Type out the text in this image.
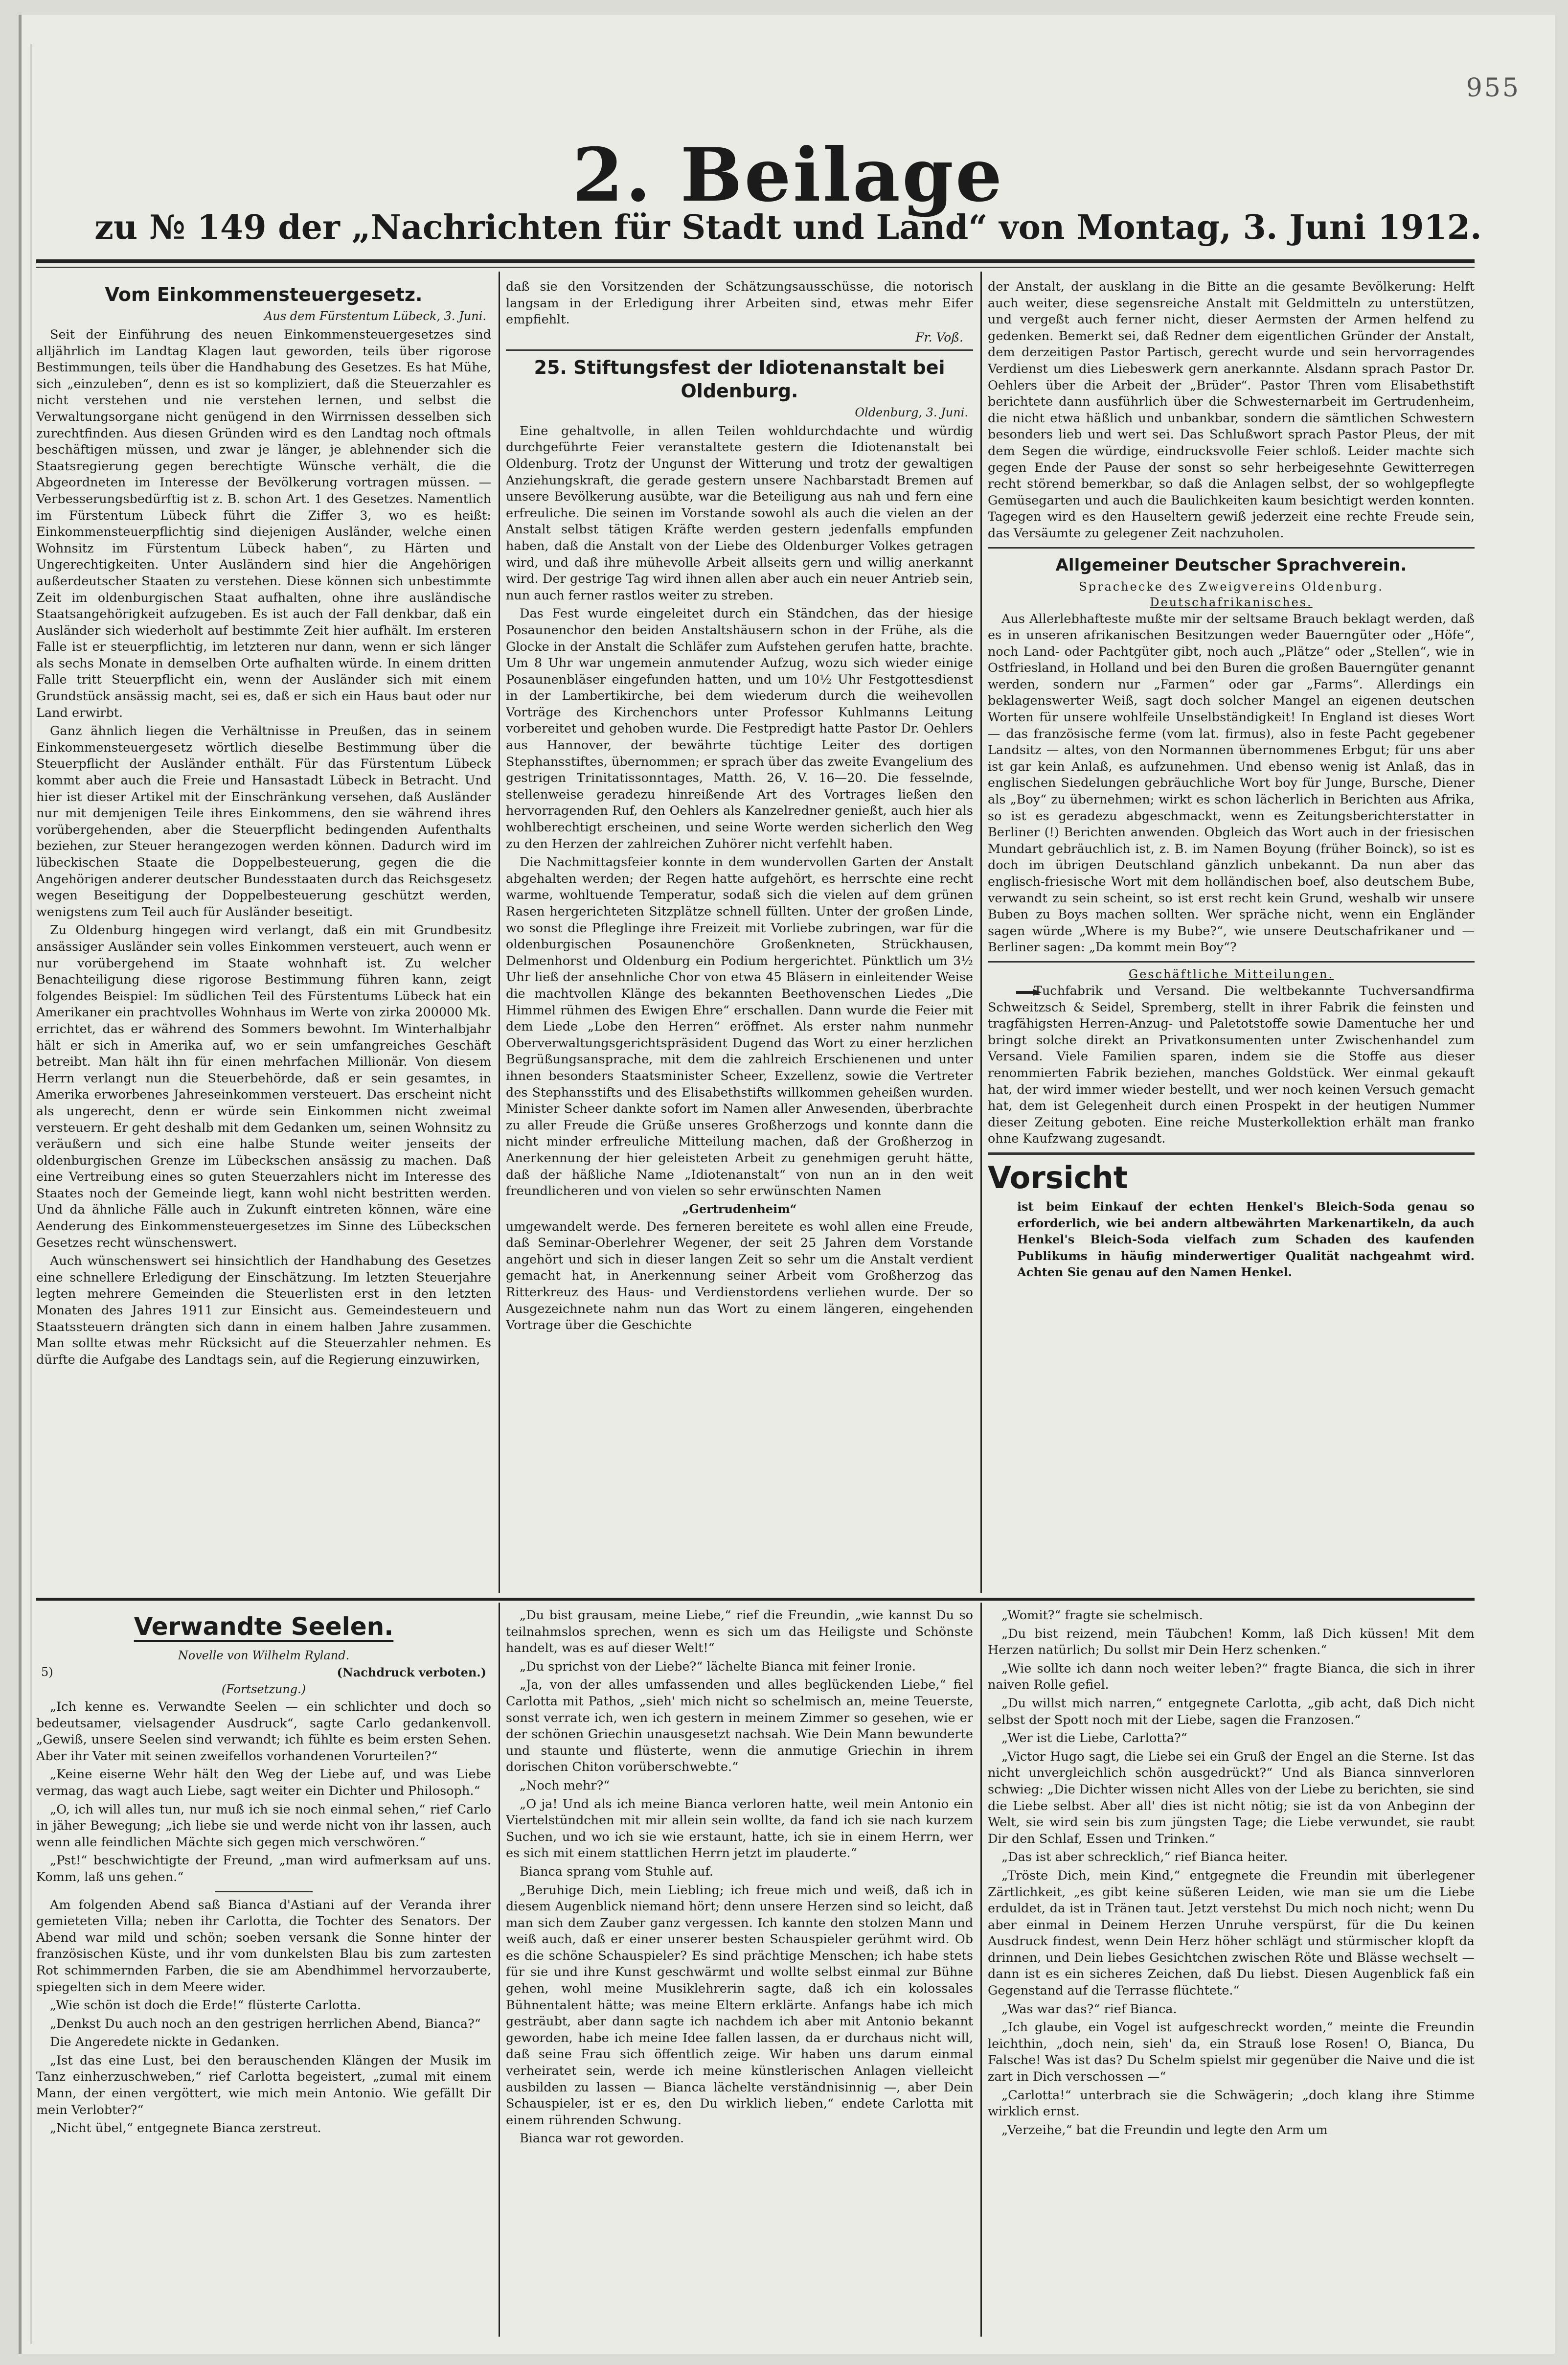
955
2. Beilage
zu № 149 der „Nachrichten für Stadt und Land“ von Montag, 3. Juni 1912.
Vom Einkommensteuergesetz.
Aus dem Fürstentum Lübeck, 3. Juni.

Seit der Einführung des neuen Einkommensteuergesetzes sind alljährlich im Landtag Klagen laut geworden, teils über rigorose Bestimmungen, teils über die Handhabung des Gesetzes. Es hat Mühe, sich „einzuleben“, denn es ist so kompliziert, daß die Steuerzahler es nicht verstehen und nie verstehen lernen, und selbst die Verwaltungsorgane nicht genügend in den Wirrnissen desselben sich zurechtfinden. Aus diesen Gründen wird es den Landtag noch oftmals beschäftigen müssen, und zwar je länger, je ablehnender sich die Staatsregierung gegen berechtigte Wünsche verhält, die die Abgeordneten im Interesse der Bevölkerung vortragen müssen. — Verbesserungsbedürftig ist z. B. schon Art. 1 des Gesetzes. Namentlich im Fürstentum Lübeck führt die Ziffer 3, wo es heißt: Einkommensteuerpflichtig sind diejenigen Ausländer, welche einen Wohnsitz im Fürstentum Lübeck haben“, zu Härten und Ungerechtigkeiten. Unter Ausländern sind hier die Angehörigen außerdeutscher Staaten zu verstehen. Diese können sich unbestimmte Zeit im oldenburgischen Staat aufhalten, ohne ihre ausländische Staatsangehörigkeit aufzugeben. Es ist auch der Fall denkbar, daß ein Ausländer sich wiederholt auf bestimmte Zeit hier aufhält. Im ersteren Falle ist er steuerpflichtig, im letzteren nur dann, wenn er sich länger als sechs Monate in demselben Orte aufhalten würde. In einem dritten Falle tritt Steuerpflicht ein, wenn der Ausländer sich mit einem Grundstück ansässig macht, sei es, daß er sich ein Haus baut oder nur Land erwirbt.

Ganz ähnlich liegen die Verhältnisse in Preußen, das in seinem Einkommensteuergesetz wörtlich dieselbe Bestimmung über die Steuerpflicht der Ausländer enthält. Für das Fürstentum Lübeck kommt aber auch die Freie und Hansastadt Lübeck in Betracht. Und hier ist dieser Artikel mit der Einschränkung versehen, daß Ausländer nur mit demjenigen Teile ihres Einkommens, den sie während ihres vorübergehenden, aber die Steuerpflicht bedingenden Aufenthalts beziehen, zur Steuer herangezogen werden können. Dadurch wird im lübeckischen Staate die Doppelbesteuerung, gegen die die Angehörigen anderer deutscher Bundesstaaten durch das Reichsgesetz wegen Beseitigung der Doppelbesteuerung geschützt werden, wenigstens zum Teil auch für Ausländer beseitigt.

Zu Oldenburg hingegen wird verlangt, daß ein mit Grundbesitz ansässiger Ausländer sein volles Einkommen versteuert, auch wenn er nur vorübergehend im Staate wohnhaft ist. Zu welcher Benachteiligung diese rigorose Bestimmung führen kann, zeigt folgendes Beispiel: Im südlichen Teil des Fürstentums Lübeck hat ein Amerikaner ein prachtvolles Wohnhaus im Werte von zirka 200000 Mk. errichtet, das er während des Sommers bewohnt. Im Winterhalbjahr hält er sich in Amerika auf, wo er sein umfangreiches Geschäft betreibt. Man hält ihn für einen mehrfachen Millionär. Von diesem Herrn verlangt nun die Steuerbehörde, daß er sein gesamtes, in Amerika erworbenes Jahreseinkommen versteuert. Das erscheint nicht als ungerecht, denn er würde sein Einkommen nicht zweimal versteuern. Er geht deshalb mit dem Gedanken um, seinen Wohnsitz zu veräußern und sich eine halbe Stunde weiter jenseits der oldenburgischen Grenze im Lübeckschen ansässig zu machen. Daß eine Vertreibung eines so guten Steuerzahlers nicht im Interesse des Staates noch der Gemeinde liegt, kann wohl nicht bestritten werden. Und da ähnliche Fälle auch in Zukunft eintreten können, wäre eine Aenderung des Einkommensteuergesetzes im Sinne des Lübeckschen Gesetzes recht wünschenswert.

Auch wünschenswert sei hinsichtlich der Handhabung des Gesetzes eine schnellere Erledigung der Einschätzung. Im letzten Steuerjahre legten mehrere Gemeinden die Steuerlisten erst in den letzten Monaten des Jahres 1911 zur Einsicht aus. Gemeindesteuern und Staatssteuern drängten sich dann in einem halben Jahre zusammen. Man sollte etwas mehr Rücksicht auf die Steuerzahler nehmen. Es dürfte die Aufgabe des Landtags sein, auf die Regierung einzuwirken,

daß sie den Vorsitzenden der Schätzungsausschüsse, die notorisch langsam in der Erledigung ihrer Arbeiten sind, etwas mehr Eifer empfiehlt.

Fr. Voß.
25. Stiftungsfest der Idiotenanstalt bei Oldenburg.
Oldenburg, 3. Juni.

Eine gehaltvolle, in allen Teilen wohldurchdachte und würdig durchgeführte Feier veranstaltete gestern die Idiotenanstalt bei Oldenburg. Trotz der Ungunst der Witterung und trotz der gewaltigen Anziehungskraft, die gerade gestern unsere Nachbarstadt Bremen auf unsere Bevölkerung ausübte, war die Beteiligung aus nah und fern eine erfreuliche. Die seinen im Vorstande sowohl als auch die vielen an der Anstalt selbst tätigen Kräfte werden gestern jedenfalls empfunden haben, daß die Anstalt von der Liebe des Oldenburger Volkes getragen wird, und daß ihre mühevolle Arbeit allseits gern und willig anerkannt wird. Der gestrige Tag wird ihnen allen aber auch ein neuer Antrieb sein, nun auch ferner rastlos weiter zu streben.

Das Fest wurde eingeleitet durch ein Ständchen, das der hiesige Posaunenchor den beiden Anstaltshäusern schon in der Frühe, als die Glocke in der Anstalt die Schläfer zum Aufstehen gerufen hatte, brachte. Um 8 Uhr war ungemein anmutender Aufzug, wozu sich wieder einige Posaunenbläser eingefunden hatten, und um 10½ Uhr Festgottesdienst in der Lambertikirche, bei dem wiederum durch die weihevollen Vorträge des Kirchenchors unter Professor Kuhlmanns Leitung vorbereitet und gehoben wurde. Die Festpredigt hatte Pastor Dr. Oehlers aus Hannover, der bewährte tüchtige Leiter des dortigen Stephansstiftes, übernommen; er sprach über das zweite Evangelium des gestrigen Trinitatissonntages, Matth. 26, V. 16—20. Die fesselnde, stellenweise geradezu hinreißende Art des Vortrages ließen den hervorragenden Ruf, den Oehlers als Kanzelredner genießt, auch hier als wohlberechtigt erscheinen, und seine Worte werden sicherlich den Weg zu den Herzen der zahlreichen Zuhörer nicht verfehlt haben.

Die Nachmittagsfeier konnte in dem wundervollen Garten der Anstalt abgehalten werden; der Regen hatte aufgehört, es herrschte eine recht warme, wohltuende Temperatur, sodaß sich die vielen auf dem grünen Rasen hergerichteten Sitzplätze schnell füllten. Unter der großen Linde, wo sonst die Pfleglinge ihre Freizeit mit Vorliebe zubringen, war für die oldenburgischen Posaunenchöre Großenkneten, Strückhausen, Delmenhorst und Oldenburg ein Podium hergerichtet. Pünktlich um 3½ Uhr ließ der ansehnliche Chor von etwa 45 Bläsern in einleitender Weise die machtvollen Klänge des bekannten Beethovenschen Liedes „Die Himmel rühmen des Ewigen Ehre“ erschallen. Dann wurde die Feier mit dem Liede „Lobe den Herren“ eröffnet. Als erster nahm nunmehr Oberverwaltungsgerichtspräsident Dugend das Wort zu einer herzlichen Begrüßungsansprache, mit dem die zahlreich Erschienenen und unter ihnen besonders Staatsminister Scheer, Exzellenz, sowie die Vertreter des Stephansstifts und des Elisabethstifts willkommen geheißen wurden. Minister Scheer dankte sofort im Namen aller Anwesenden, überbrachte zu aller Freude die Grüße unseres Großherzogs und konnte dann die nicht minder erfreuliche Mitteilung machen, daß der Großherzog in Anerkennung der hier geleisteten Arbeit zu genehmigen geruht hätte, daß der häßliche Name „Idiotenanstalt“ von nun an in den weit freundlicheren und von vielen so sehr erwünschten Namen

„Gertrudenheim“

umgewandelt werde. Des ferneren bereitete es wohl allen eine Freude, daß Seminar-Oberlehrer Wegener, der seit 25 Jahren dem Vorstande angehört und sich in dieser langen Zeit so sehr um die Anstalt verdient gemacht hat, in Anerkennung seiner Arbeit vom Großherzog das Ritterkreuz des Haus- und Verdienstordens verliehen wurde. Der so Ausgezeichnete nahm nun das Wort zu einem längeren, eingehenden Vortrage über die Geschichte

der Anstalt, der ausklang in die Bitte an die gesamte Bevölkerung: Helft auch weiter, diese segensreiche Anstalt mit Geldmitteln zu unterstützen, und vergeßt auch ferner nicht, dieser Aermsten der Armen helfend zu gedenken. Bemerkt sei, daß Redner dem eigentlichen Gründer der Anstalt, dem derzeitigen Pastor Partisch, gerecht wurde und sein hervorragendes Verdienst um dies Liebeswerk gern anerkannte. Alsdann sprach Pastor Dr. Oehlers über die Arbeit der „Brüder“. Pastor Thren vom Elisabethstift berichtete dann ausführlich über die Schwesternarbeit im Gertrudenheim, die nicht etwa häßlich und unbankbar, sondern die sämtlichen Schwestern besonders lieb und wert sei. Das Schlußwort sprach Pastor Pleus, der mit dem Segen die würdige, eindrucksvolle Feier schloß. Leider machte sich gegen Ende der Pause der sonst so sehr herbeigesehnte Gewitterregen recht störend bemerkbar, so daß die Anlagen selbst, der so wohlgepflegte Gemüsegarten und auch die Baulichkeiten kaum besichtigt werden konnten. Tagegen wird es den Hauseltern gewiß jederzeit eine rechte Freude sein, das Versäumte zu gelegener Zeit nachzuholen.

Allgemeiner Deutscher Sprachverein.
Sprachecke des Zweigvereins Oldenburg.
Deutschafrikanisches.

Aus Allerlebhafteste mußte mir der seltsame Brauch beklagt werden, daß es in unseren afrikanischen Besitzungen weder Bauerngüter oder „Höfe“, noch Land- oder Pachtgüter gibt, noch auch „Plätze“ oder „Stellen“, wie in Ostfriesland, in Holland und bei den Buren die großen Bauerngüter genannt werden, sondern nur „Farmen“ oder gar „Farms“. Allerdings ein beklagenswerter Weiß, sagt doch solcher Mangel an eigenen deutschen Worten für unsere wohlfeile Unselbständigkeit! In England ist dieses Wort — das französische ferme (vom lat. firmus), also in feste Pacht gegebener Landsitz — altes, von den Normannen übernommenes Erbgut; für uns aber ist gar kein Anlaß, es aufzunehmen. Und ebenso wenig ist Anlaß, das in englischen Siedelungen gebräuchliche Wort boy für Junge, Bursche, Diener als „Boy“ zu übernehmen; wirkt es schon lächerlich in Berichten aus Afrika, so ist es geradezu abgeschmackt, wenn es Zeitungsberichterstatter in Berliner (!) Berichten anwenden. Obgleich das Wort auch in der friesischen Mundart gebräuchlich ist, z. B. im Namen Boyung (früher Boinck), so ist es doch im übrigen Deutschland gänzlich unbekannt. Da nun aber das englisch-friesische Wort mit dem holländischen boef, also deutschem Bube, verwandt zu sein scheint, so ist erst recht kein Grund, weshalb wir unsere Buben zu Boys machen sollten. Wer spräche nicht, wenn ein Engländer sagen würde „Where is my Bube?“, wie unsere Deutschafrikaner und — Berliner sagen: „Da kommt mein Boy“?

Geschäftliche Mitteilungen.

Tuchfabrik und Versand. Die weltbekannte Tuchversandfirma Schweitzsch & Seidel, Spremberg, stellt in ihrer Fabrik die feinsten und tragfähigsten Herren-Anzug- und Paletotstoffe sowie Damentuche her und bringt solche direkt an Privatkonsumenten unter Zwischenhandel zum Versand. Viele Familien sparen, indem sie die Stoffe aus dieser renommierten Fabrik beziehen, manches Goldstück. Wer einmal gekauft hat, der wird immer wieder bestellt, und wer noch keinen Versuch gemacht hat, dem ist Gelegenheit durch einen Prospekt in der heutigen Nummer dieser Zeitung geboten. Eine reiche Musterkollektion erhält man franko ohne Kaufzwang zugesandt.

Vorsicht

ist beim Einkauf der echten Henkel's Bleich-Soda genau so erforderlich, wie bei andern altbewährten Markenartikeln, da auch Henkel's Bleich-Soda vielfach zum Schaden des kaufenden Publikums in häufig minderwertiger Qualität nachgeahmt wird. Achten Sie genau auf den Namen Henkel.

Verwandte Seelen.
Novelle von Wilhelm Ryland.
5)	(Nachdruck verboten.)
(Fortsetzung.)

„Ich kenne es. Verwandte Seelen — ein schlichter und doch so bedeutsamer, vielsagender Ausdruck“, sagte Carlo gedankenvoll. „Gewiß, unsere Seelen sind verwandt; ich fühlte es beim ersten Sehen. Aber ihr Vater mit seinen zweifellos vorhandenen Vorurteilen?“

„Keine eiserne Wehr hält den Weg der Liebe auf, und was Liebe vermag, das wagt auch Liebe, sagt weiter ein Dichter und Philosoph.“

„O, ich will alles tun, nur muß ich sie noch einmal sehen,“ rief Carlo in jäher Bewegung; „ich liebe sie und werde nicht von ihr lassen, auch wenn alle feindlichen Mächte sich gegen mich verschwören.“

„Pst!“ beschwichtigte der Freund, „man wird aufmerksam auf uns. Komm, laß uns gehen.“

Am folgenden Abend saß Bianca d'Astiani auf der Veranda ihrer gemieteten Villa; neben ihr Carlotta, die Tochter des Senators. Der Abend war mild und schön; soeben versank die Sonne hinter der französischen Küste, und ihr vom dunkelsten Blau bis zum zartesten Rot schimmernden Farben, die sie am Abendhimmel hervorzauberte, spiegelten sich in dem Meere wider.

„Wie schön ist doch die Erde!“ flüsterte Carlotta.

„Denkst Du auch noch an den gestrigen herrlichen Abend, Bianca?“

Die Angeredete nickte in Gedanken.

„Ist das eine Lust, bei den berauschenden Klängen der Musik im Tanz einherzuschweben,“ rief Carlotta begeistert, „zumal mit einem Mann, der einen vergöttert, wie mich mein Antonio. Wie gefällt Dir mein Verlobter?“

„Nicht übel,“ entgegnete Bianca zerstreut.

„Du bist grausam, meine Liebe,“ rief die Freundin, „wie kannst Du so teilnahmslos sprechen, wenn es sich um das Heiligste und Schönste handelt, was es auf dieser Welt!“

„Du sprichst von der Liebe?“ lächelte Bianca mit feiner Ironie.

„Ja, von der alles umfassenden und alles beglückenden Liebe,“ fiel Carlotta mit Pathos, „sieh' mich nicht so schelmisch an, meine Teuerste, sonst verrate ich, wen ich gestern in meinem Zimmer so gesehen, wie er der schönen Griechin unausgesetzt nachsah. Wie Dein Mann bewunderte und staunte und flüsterte, wenn die anmutige Griechin in ihrem dorischen Chiton vorüberschwebte.“

„Noch mehr?“

„O ja! Und als ich meine Bianca verloren hatte, weil mein Antonio ein Viertelstündchen mit mir allein sein wollte, da fand ich sie nach kurzem Suchen, und wo ich sie wie erstaunt, hatte, ich sie in einem Herrn, wer es sich mit einem stattlichen Herrn jetzt im plauderte.“

Bianca sprang vom Stuhle auf.

„Beruhige Dich, mein Liebling; ich freue mich und weiß, daß ich in diesem Augenblick niemand hört; denn unsere Herzen sind so leicht, daß man sich dem Zauber ganz vergessen. Ich kannte den stolzen Mann und weiß auch, daß er einer unserer besten Schauspieler gerühmt wird. Ob es die schöne Schauspieler? Es sind prächtige Menschen; ich habe stets für sie und ihre Kunst geschwärmt und wollte selbst einmal zur Bühne gehen, wohl meine Musiklehrerin sagte, daß ich ein kolossales Bühnentalent hätte; was meine Eltern erklärte. Anfangs habe ich mich gesträubt, aber dann sagte ich nachdem ich aber mit Antonio bekannt geworden, habe ich meine Idee fallen lassen, da er durchaus nicht will, daß seine Frau sich öffentlich zeige. Wir haben uns darum einmal verheiratet sein, werde ich meine künstlerischen Anlagen vielleicht ausbilden zu lassen — Bianca lächelte verständnisinnig —, aber Dein Schauspieler, ist er es, den Du wirklich lieben,“ endete Carlotta mit einem rührenden Schwung.

Bianca war rot geworden.

„Womit?“ fragte sie schelmisch.

„Du bist reizend, mein Täubchen! Komm, laß Dich küssen! Mit dem Herzen natürlich; Du sollst mir Dein Herz schenken.“

„Wie sollte ich dann noch weiter leben?“ fragte Bianca, die sich in ihrer naiven Rolle gefiel.

„Du willst mich narren,“ entgegnete Carlotta, „gib acht, daß Dich nicht selbst der Spott noch mit der Liebe, sagen die Franzosen.“

„Wer ist die Liebe, Carlotta?“

„Victor Hugo sagt, die Liebe sei ein Gruß der Engel an die Sterne. Ist das nicht unvergleichlich schön ausgedrückt?“ Und als Bianca sinnverloren schwieg: „Die Dichter wissen nicht Alles von der Liebe zu berichten, sie sind die Liebe selbst. Aber all' dies ist nicht nötig; sie ist da von Anbeginn der Welt, sie wird sein bis zum jüngsten Tage; die Liebe verwundet, sie raubt Dir den Schlaf, Essen und Trinken.“

„Das ist aber schrecklich,“ rief Bianca heiter.

„Tröste Dich, mein Kind,“ entgegnete die Freundin mit überlegener Zärtlichkeit, „es gibt keine süßeren Leiden, wie man sie um die Liebe erduldet, da ist in Tränen taut. Jetzt verstehst Du mich noch nicht; wenn Du aber einmal in Deinem Herzen Unruhe verspürst, für die Du keinen Ausdruck findest, wenn Dein Herz höher schlägt und stürmischer klopft da drinnen, und Dein liebes Gesichtchen zwischen Röte und Blässe wechselt — dann ist es ein sicheres Zeichen, daß Du liebst. Diesen Augenblick faß ein Gegenstand auf die Terrasse flüchtete.“

„Was war das?“ rief Bianca.

„Ich glaube, ein Vogel ist aufgeschreckt worden,“ meinte die Freundin leichthin, „doch nein, sieh' da, ein Strauß lose Rosen! O, Bianca, Du Falsche! Was ist das? Du Schelm spielst mir gegenüber die Naive und die ist zart in Dich verschossen —“

„Carlotta!“ unterbrach sie die Schwägerin; „doch klang ihre Stimme wirklich ernst.

„Verzeihe,“ bat die Freundin und legte den Arm um
